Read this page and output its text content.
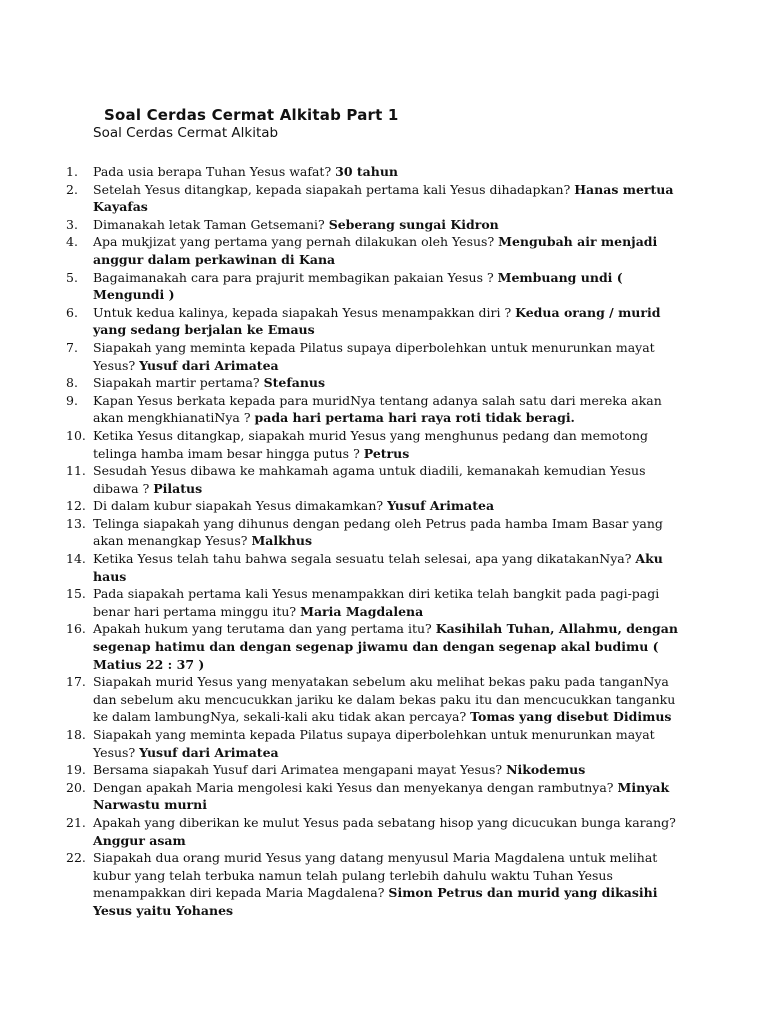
Soal Cerdas Cermat Alkitab Part 1

Soal Cerdas Cermat Alkitab

1.	Pada usia berapa Tuhan Yesus wafat? 30 tahun
2.	Setelah Yesus ditangkap, kepada siapakah pertama kali Yesus dihadapkan? Hanas mertua Kayafas
3.	Dimanakah letak Taman Getsemani? Seberang sungai Kidron
4.	Apa mukjizat yang pertama yang pernah dilakukan oleh Yesus? Mengubah air menjadi anggur dalam perkawinan di Kana
5.	Bagaimanakah cara para prajurit membagikan pakaian Yesus ? Membuang undi ( Mengundi )
6.	Untuk kedua kalinya, kepada siapakah Yesus menampakkan diri ? Kedua orang / murid yang sedang berjalan ke Emaus
7.	Siapakah yang meminta kepada Pilatus supaya diperbolehkan untuk menurunkan mayat Yesus? Yusuf dari Arimatea
8.	Siapakah martir pertama? Stefanus
9.	Kapan Yesus berkata kepada para muridNya tentang adanya salah satu dari mereka akan akan mengkhianatiNya ? pada hari pertama hari raya roti tidak beragi.
10. Ketika Yesus ditangkap, siapakah murid Yesus yang menghunus pedang dan memotong telinga hamba imam besar hingga putus ? Petrus
11. Sesudah Yesus dibawa ke mahkamah agama untuk diadili, kemanakah kemudian Yesus dibawa ? Pilatus
12. Di dalam kubur siapakah Yesus dimakamkan? Yusuf Arimatea
13. Telinga siapakah yang dihunus dengan pedang oleh Petrus pada hamba Imam Basar yang akan menangkap Yesus? Malkhus
14. Ketika Yesus telah tahu bahwa segala sesuatu telah selesai, apa yang dikatakanNya? Aku haus
15. Pada siapakah pertama kali Yesus menampakkan diri ketika telah bangkit pada pagi-pagi benar hari pertama minggu itu? Maria Magdalena
16. Apakah hukum yang terutama dan yang pertama itu? Kasihilah Tuhan, Allahmu, dengan segenap hatimu dan dengan segenap jiwamu dan dengan segenap akal budimu ( Matius 22 : 37 )
17. Siapakah murid Yesus yang menyatakan sebelum aku melihat bekas paku pada tanganNya dan sebelum aku mencucukkan jariku ke dalam bekas paku itu dan mencucukkan tanganku ke dalam lambungNya, sekali-kali aku tidak akan percaya? Tomas yang disebut Didimus
18. Siapakah yang meminta kepada Pilatus supaya diperbolehkan untuk menurunkan mayat Yesus? Yusuf dari Arimatea
19. Bersama siapakah Yusuf dari Arimatea mengapani mayat Yesus? Nikodemus
20. Dengan apakah Maria mengolesi kaki Yesus dan menyekanya dengan rambutnya? Minyak Narwastu murni
21. Apakah yang diberikan ke mulut Yesus pada sebatang hisop yang dicucukan bunga karang? Anggur asam
22. Siapakah dua orang murid Yesus yang datang menyusul Maria Magdalena untuk melihat kubur yang telah terbuka namun telah pulang terlebih dahulu waktu Tuhan Yesus menampakkan diri kepada Maria Magdalena? Simon Petrus dan murid yang dikasihi Yesus yaitu Yohanes
